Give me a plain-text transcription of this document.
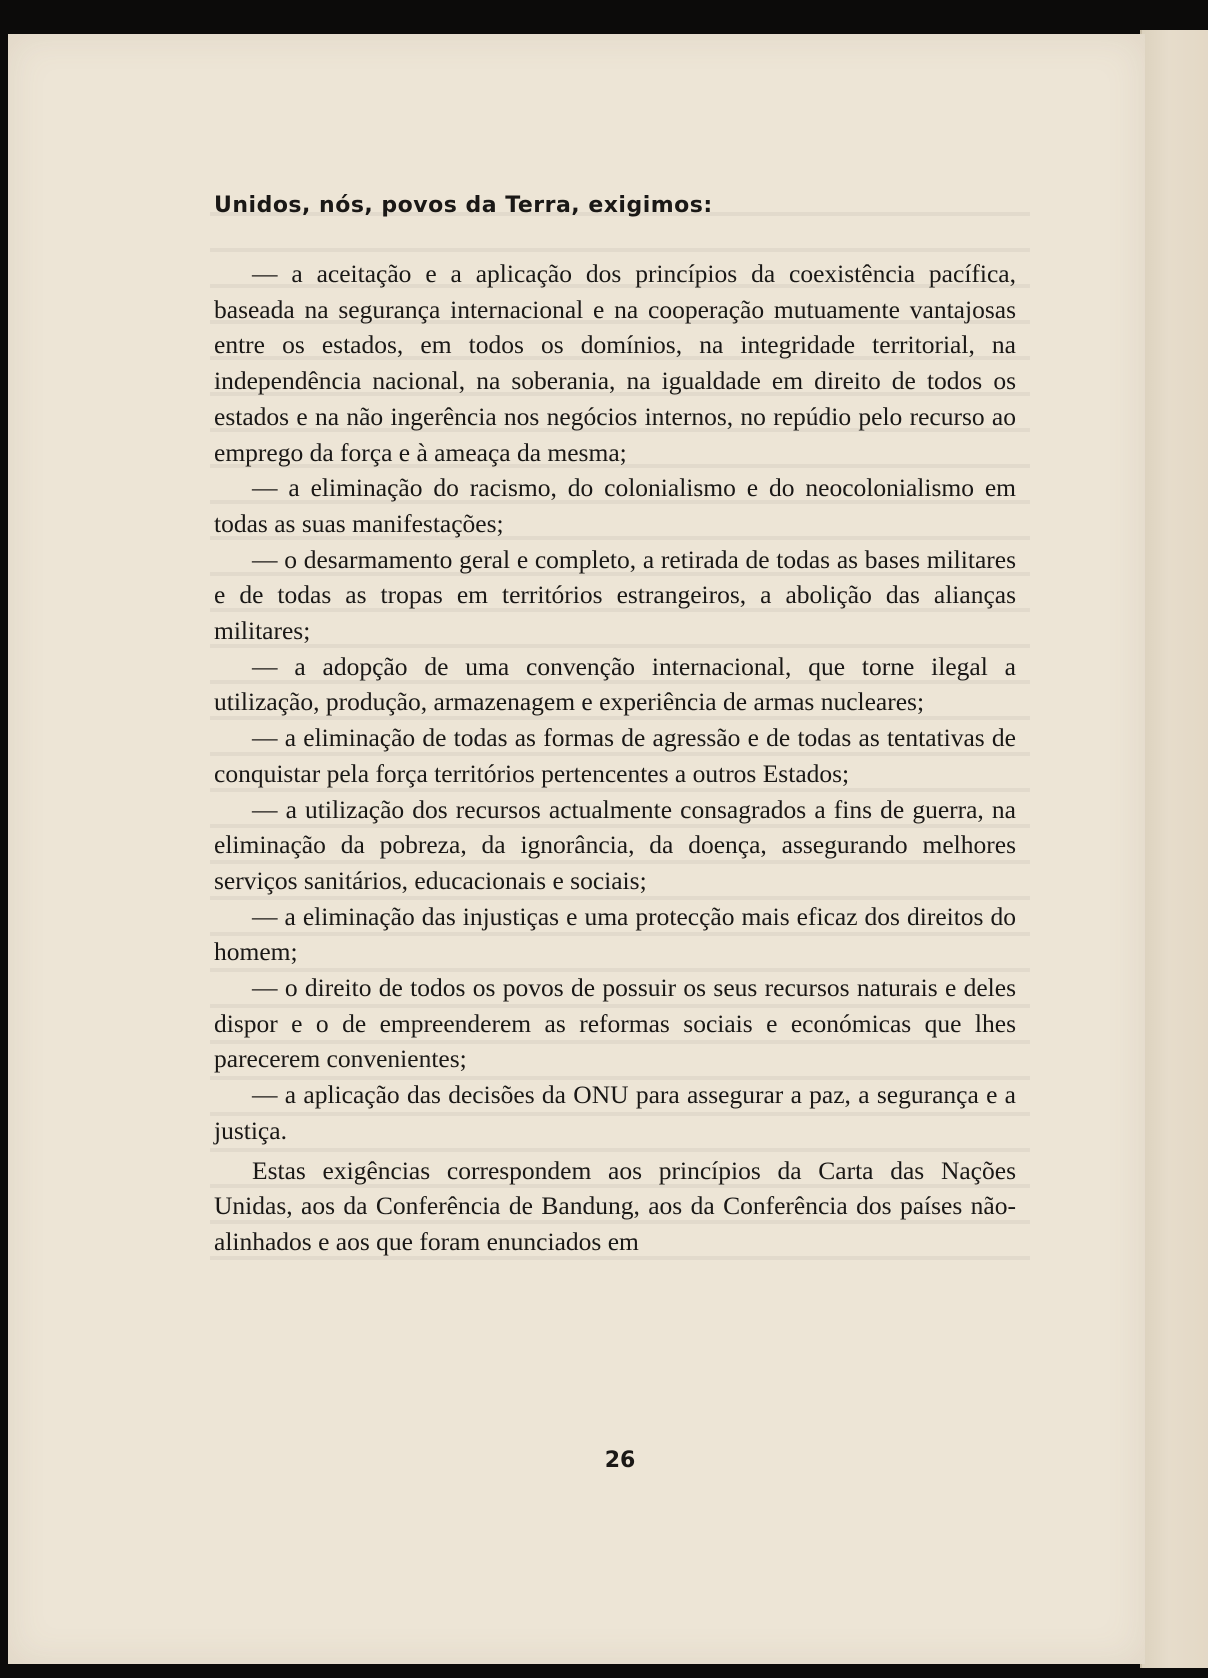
Unidos, nós, povos da Terra, exigimos:

— a aceitação e a aplicação dos princípios da coexistência pacífica, baseada na segurança internacional e na cooperação mutuamente vantajosas entre os estados, em todos os domínios, na integridade territorial, na independência nacional, na soberania, na igualdade em direito de todos os estados e na não ingerência nos negócios internos, no repúdio pelo recurso ao emprego da força e à ameaça da mesma;

— a eliminação do racismo, do colonialismo e do neocolonialismo em todas as suas manifestações;

— o desarmamento geral e completo, a retirada de todas as bases militares e de todas as tropas em territórios estrangeiros, a abolição das alianças militares;

— a adopção de uma convenção internacional, que torne ilegal a utilização, produção, armazenagem e experiência de armas nucleares;

— a eliminação de todas as formas de agressão e de todas as tentativas de conquistar pela força territórios pertencentes a outros Estados;

— a utilização dos recursos actualmente consagrados a fins de guerra, na eliminação da pobreza, da ignorância, da doença, assegurando melhores serviços sanitários, educacionais e sociais;

— a eliminação das injustiças e uma protecção mais eficaz dos direitos do homem;

— o direito de todos os povos de possuir os seus recursos naturais e deles dispor e o de empreenderem as reformas sociais e económicas que lhes parecerem convenientes;

— a aplicação das decisões da ONU para assegurar a paz, a segurança e a justiça.

Estas exigências correspondem aos princípios da Carta das Nações Unidas, aos da Conferência de Bandung, aos da Conferência dos países não-alinhados e aos que foram enunciados em

26
